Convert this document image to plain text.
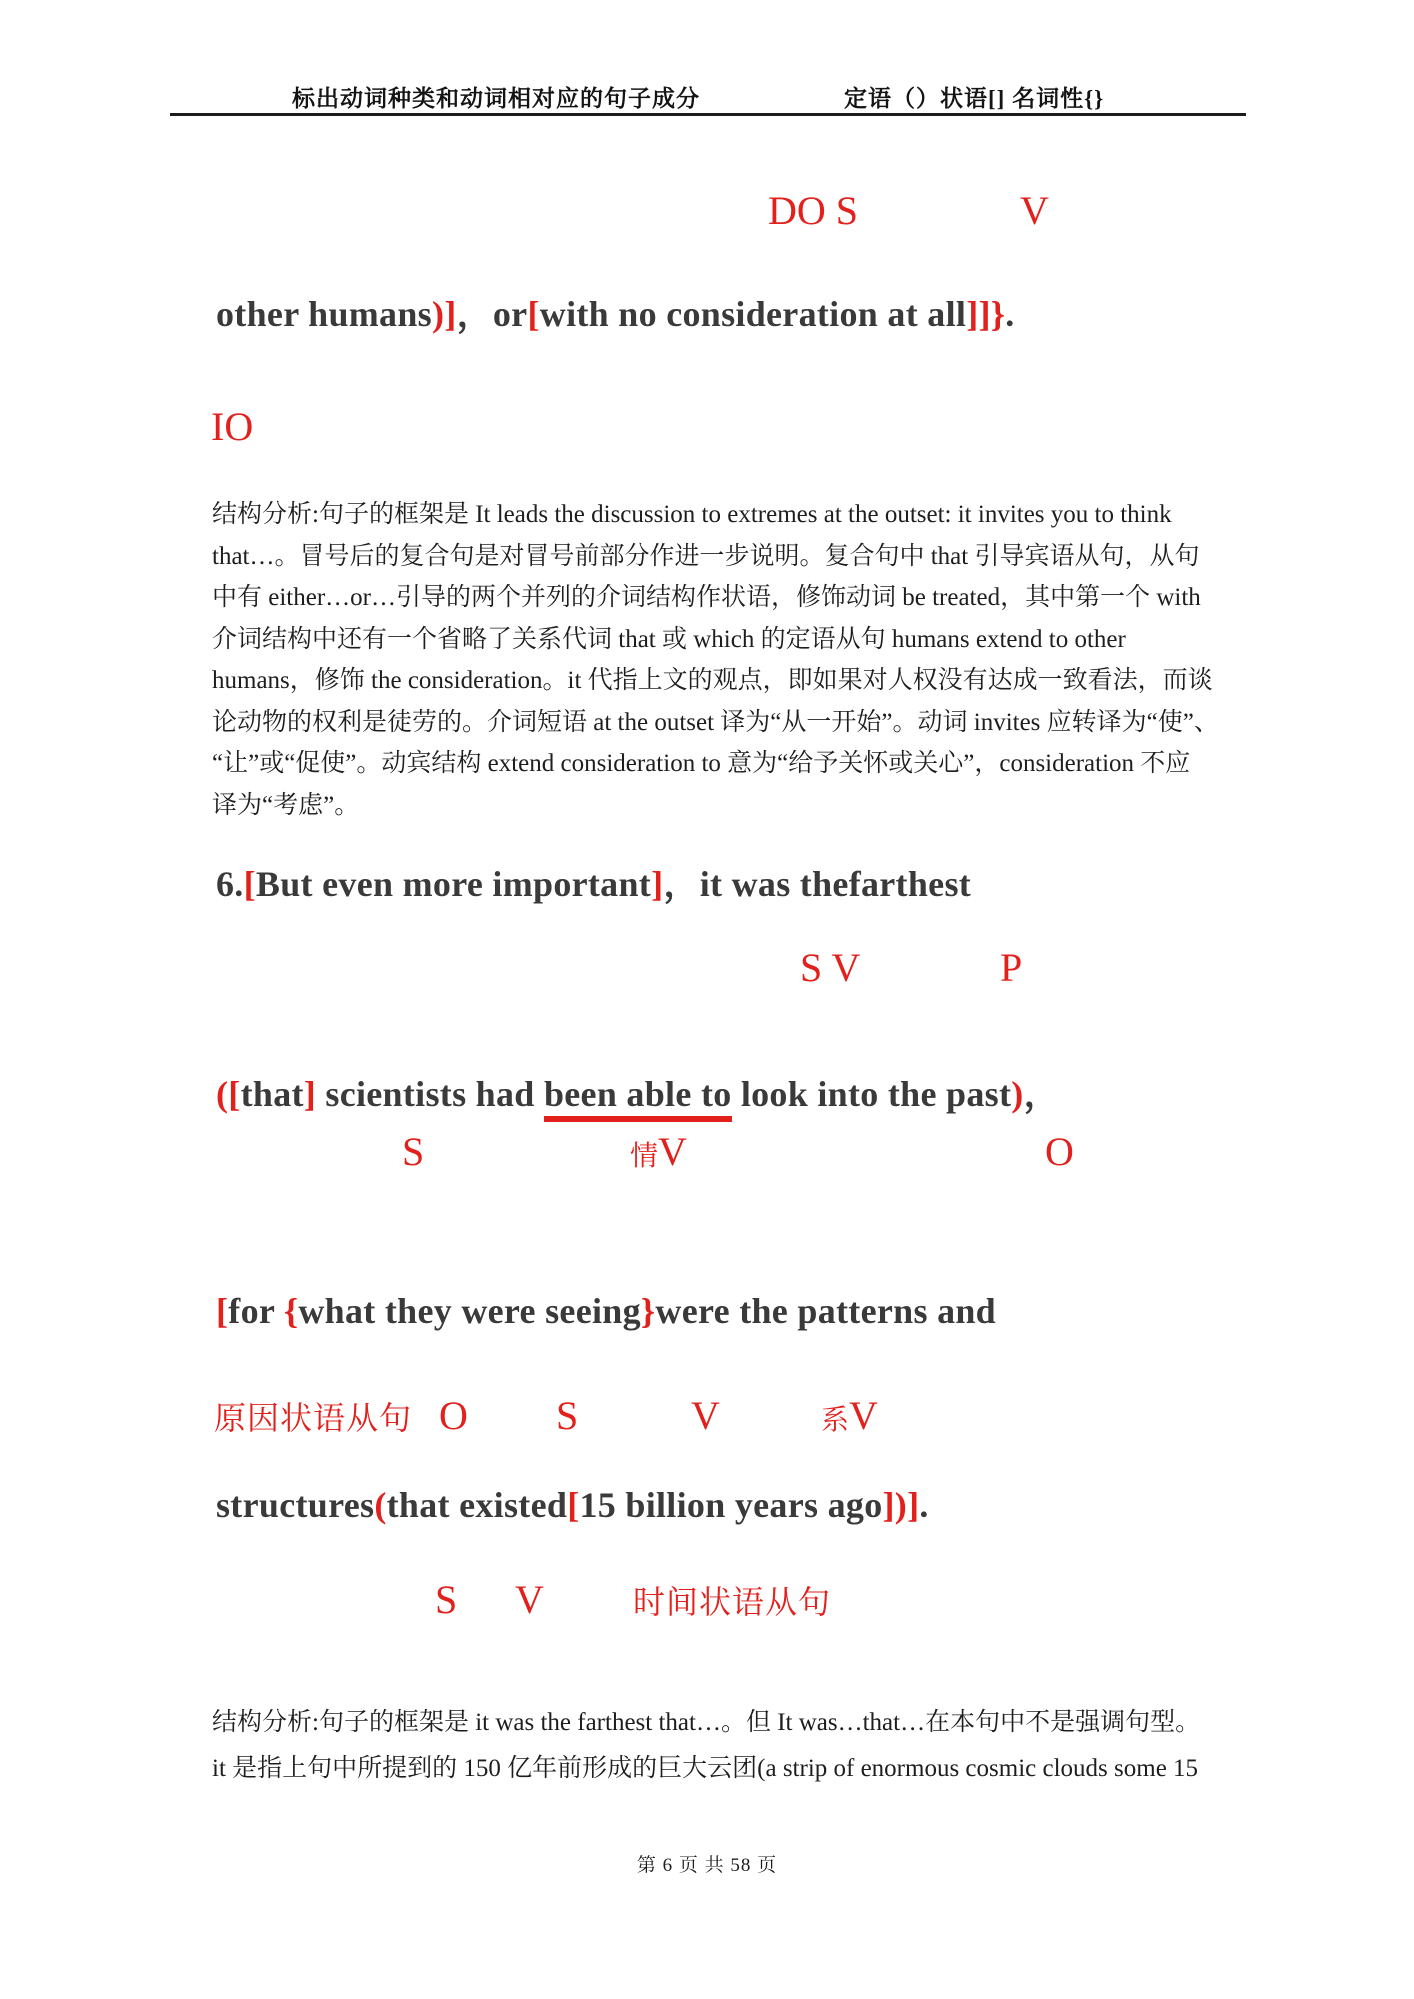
标出动词种类和动词相对应的句子成分	定语（）状语[] 名词性{}
DO S	V
other humans)]，or[with no consideration at all]]}.
IO
结构分析:句子的框架是 It leads the discussion to extremes at the outset: it invites you to think
that…。冒号后的复合句是对冒号前部分作进一步说明。复合句中 that 引导宾语从句，从句
中有 either…or…引导的两个并列的介词结构作状语，修饰动词 be treated，其中第一个 with
介词结构中还有一个省略了关系代词 that 或 which 的定语从句 humans extend to other
humans，修饰 the consideration。it 代指上文的观点，即如果对人权没有达成一致看法，而谈
论动物的权利是徒劳的。介词短语 at the outset 译为“从一开始”。动词 invites 应转译为“使”、
“让”或“促使”。动宾结构 extend consideration to 意为“给予关怀或关心”，consideration 不应
译为“考虑”。
6.[But even more important]，it was thefarthest
S V	P
([that] scientists had been able to look into the past)，
S	情V	O
[for {what they were seeing}were the patterns and
原因状语从句 O S	V	系V
structures(that existed[15 billion years ago])].
S V	时间状语从句
结构分析:句子的框架是 it was the farthest that…。但 It was…that…在本句中不是强调句型。
it 是指上句中所提到的 150 亿年前形成的巨大云团(a strip of enormous cosmic clouds some 15
第 6 页 共 58 页
